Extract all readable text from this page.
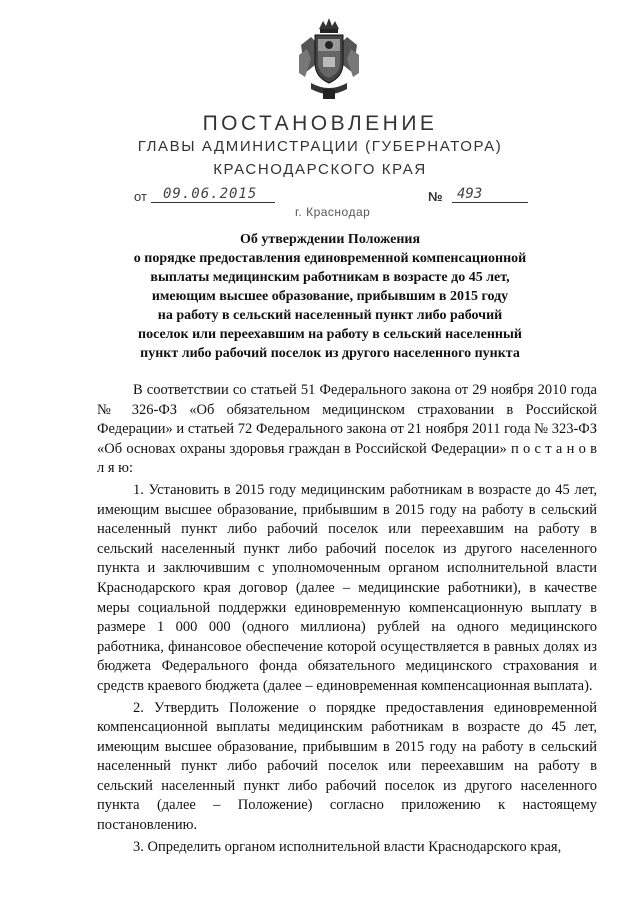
ПОСТАНОВЛЕНИЕ
ГЛАВЫ АДМИНИСТРАЦИИ (ГУБЕРНАТОРА)
КРАСНОДАРСКОГО КРАЯ
от	09.06.2015	№	493
г. Краснодар
Об утверждении Положения
о порядке предоставления единовременной компенсационной
выплаты медицинским работникам в возрасте до 45 лет,
имеющим высшее образование, прибывшим в 2015 году
на работу в сельский населенный пункт либо рабочий
поселок или переехавшим на работу в сельский населенный
пункт либо рабочий поселок из другого населенного пункта

В соответствии со статьей 51 Федерального закона от 29 ноября 2010 года № 326-ФЗ «Об обязательном медицинском страховании в Российской Федерации» и статьей 72 Федерального закона от 21 ноября 2011 года № 323-ФЗ «Об основах охраны здоровья граждан в Российской Федерации» п о с т а н о в л я ю:

1. Установить в 2015 году медицинским работникам в возрасте до 45 лет, имеющим высшее образование, прибывшим в 2015 году на работу в сельский населенный пункт либо рабочий поселок или переехавшим на работу в сельский населенный пункт либо рабочий поселок из другого населенного пункта и заключившим с уполномоченным органом исполнительной власти Краснодарского края договор (далее – медицинские работники), в качестве меры социальной поддержки единовременную компенсационную выплату в размере 1 000 000 (одного миллиона) рублей на одного медицинского работника, финансовое обеспечение которой осуществляется в равных долях из бюджета Федерального фонда обязательного медицинского страхования и средств краевого бюджета (далее – единовременная компенсационная выплата).

2. Утвердить Положение о порядке предоставления единовременной компенсационной выплаты медицинским работникам в возрасте до 45 лет, имеющим высшее образование, прибывшим в 2015 году на работу в сельский населенный пункт либо рабочий поселок или переехавшим на работу в сельский населенный пункт либо рабочий поселок из другого населенного пункта (далее – Положение) согласно приложению к настоящему постановлению.

3. Определить органом исполнительной власти Краснодарского края,
